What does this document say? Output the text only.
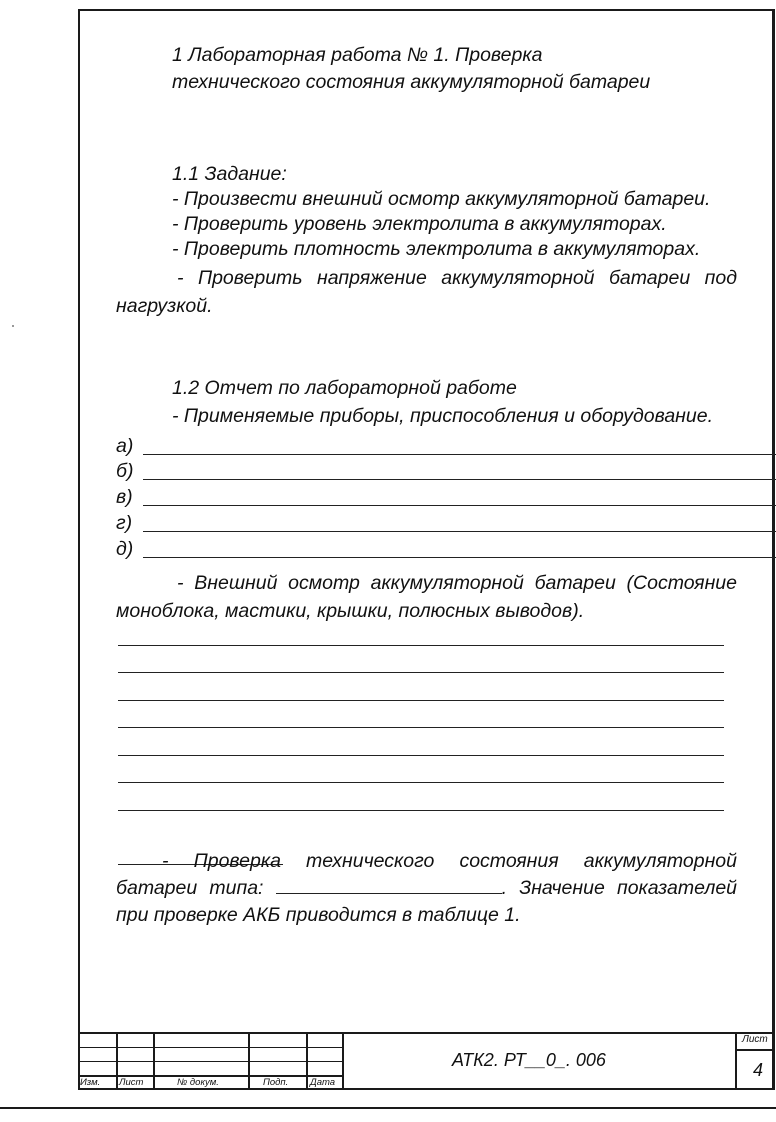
1 Лабораторная работа № 1. Проверка
технического состояния аккумуляторной батареи
1.1 Задание:
- Произвести внешний осмотр аккумуляторной батареи.
- Проверить уровень электролита в аккумуляторах.
- Проверить плотность электролита в аккумуляторах.
- Проверить напряжение аккумуляторной батареи под
нагрузкой.
1.2 Отчет по лабораторной работе
- Применяемые приборы, приспособления и оборудование.
а)
б)
в)
г)
д)
- Внешний осмотр аккумуляторной батареи (Состояние
моноблока, мастики, крышки, полюсных выводов).
- Проверка технического состояния аккумуляторной
батареи типа:	. Значение показателей
при проверке АКБ приводится в таблице 1.
Изм. Лист	№ докум.	Подп. Дата
АТК2. РТ__0_. 006
Лист
4
